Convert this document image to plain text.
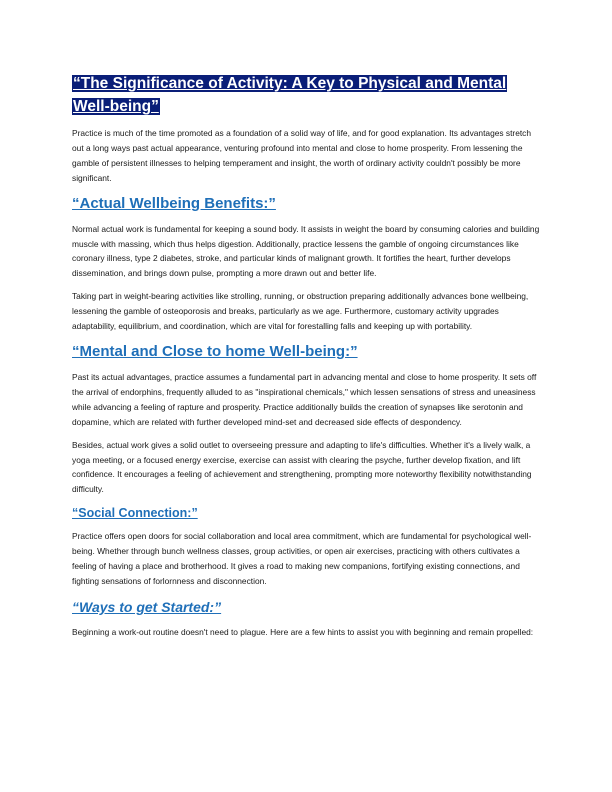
“The Significance of Activity: A Key to Physical and Mental Well-being”

Practice is much of the time promoted as a foundation of a solid way of life, and for good explanation. Its advantages stretch out a long ways past actual appearance, venturing profound into mental and close to home prosperity. From lessening the gamble of persistent illnesses to helping temperament and insight, the worth of ordinary activity couldn't possibly be more significant.

“Actual Wellbeing Benefits:”

Normal actual work is fundamental for keeping a sound body. It assists in weight the board by consuming calories and building muscle with massing, which thus helps digestion. Additionally, practice lessens the gamble of ongoing circumstances like coronary illness, type 2 diabetes, stroke, and particular kinds of malignant growth. It fortifies the heart, further develops dissemination, and brings down pulse, prompting a more drawn out and better life.

Taking part in weight-bearing activities like strolling, running, or obstruction preparing additionally advances bone wellbeing, lessening the gamble of osteoporosis and breaks, particularly as we age. Furthermore, customary activity upgrades adaptability, equilibrium, and coordination, which are vital for forestalling falls and keeping up with portability.

“Mental and Close to home Well-being:”

Past its actual advantages, practice assumes a fundamental part in advancing mental and close to home prosperity. It sets off the arrival of endorphins, frequently alluded to as "inspirational chemicals," which lessen sensations of stress and uneasiness while advancing a feeling of rapture and prosperity. Practice additionally builds the creation of synapses like serotonin and dopamine, which are related with further developed mind-set and decreased side effects of despondency.

Besides, actual work gives a solid outlet to overseeing pressure and adapting to life's difficulties. Whether it's a lively walk, a yoga meeting, or a focused energy exercise, exercise can assist with clearing the psyche, further develop fixation, and lift confidence. It encourages a feeling of achievement and strengthening, prompting more noteworthy flexibility notwithstanding difficulty.

“Social Connection:”

Practice offers open doors for social collaboration and local area commitment, which are fundamental for psychological well-being. Whether through bunch wellness classes, group activities, or open air exercises, practicing with others cultivates a feeling of having a place and brotherhood. It gives a road to making new companions, fortifying existing connections, and fighting sensations of forlornness and disconnection.

“Ways to get Started:”

Beginning a work-out routine doesn't need to plague. Here are a few hints to assist you with beginning and remain propelled:
